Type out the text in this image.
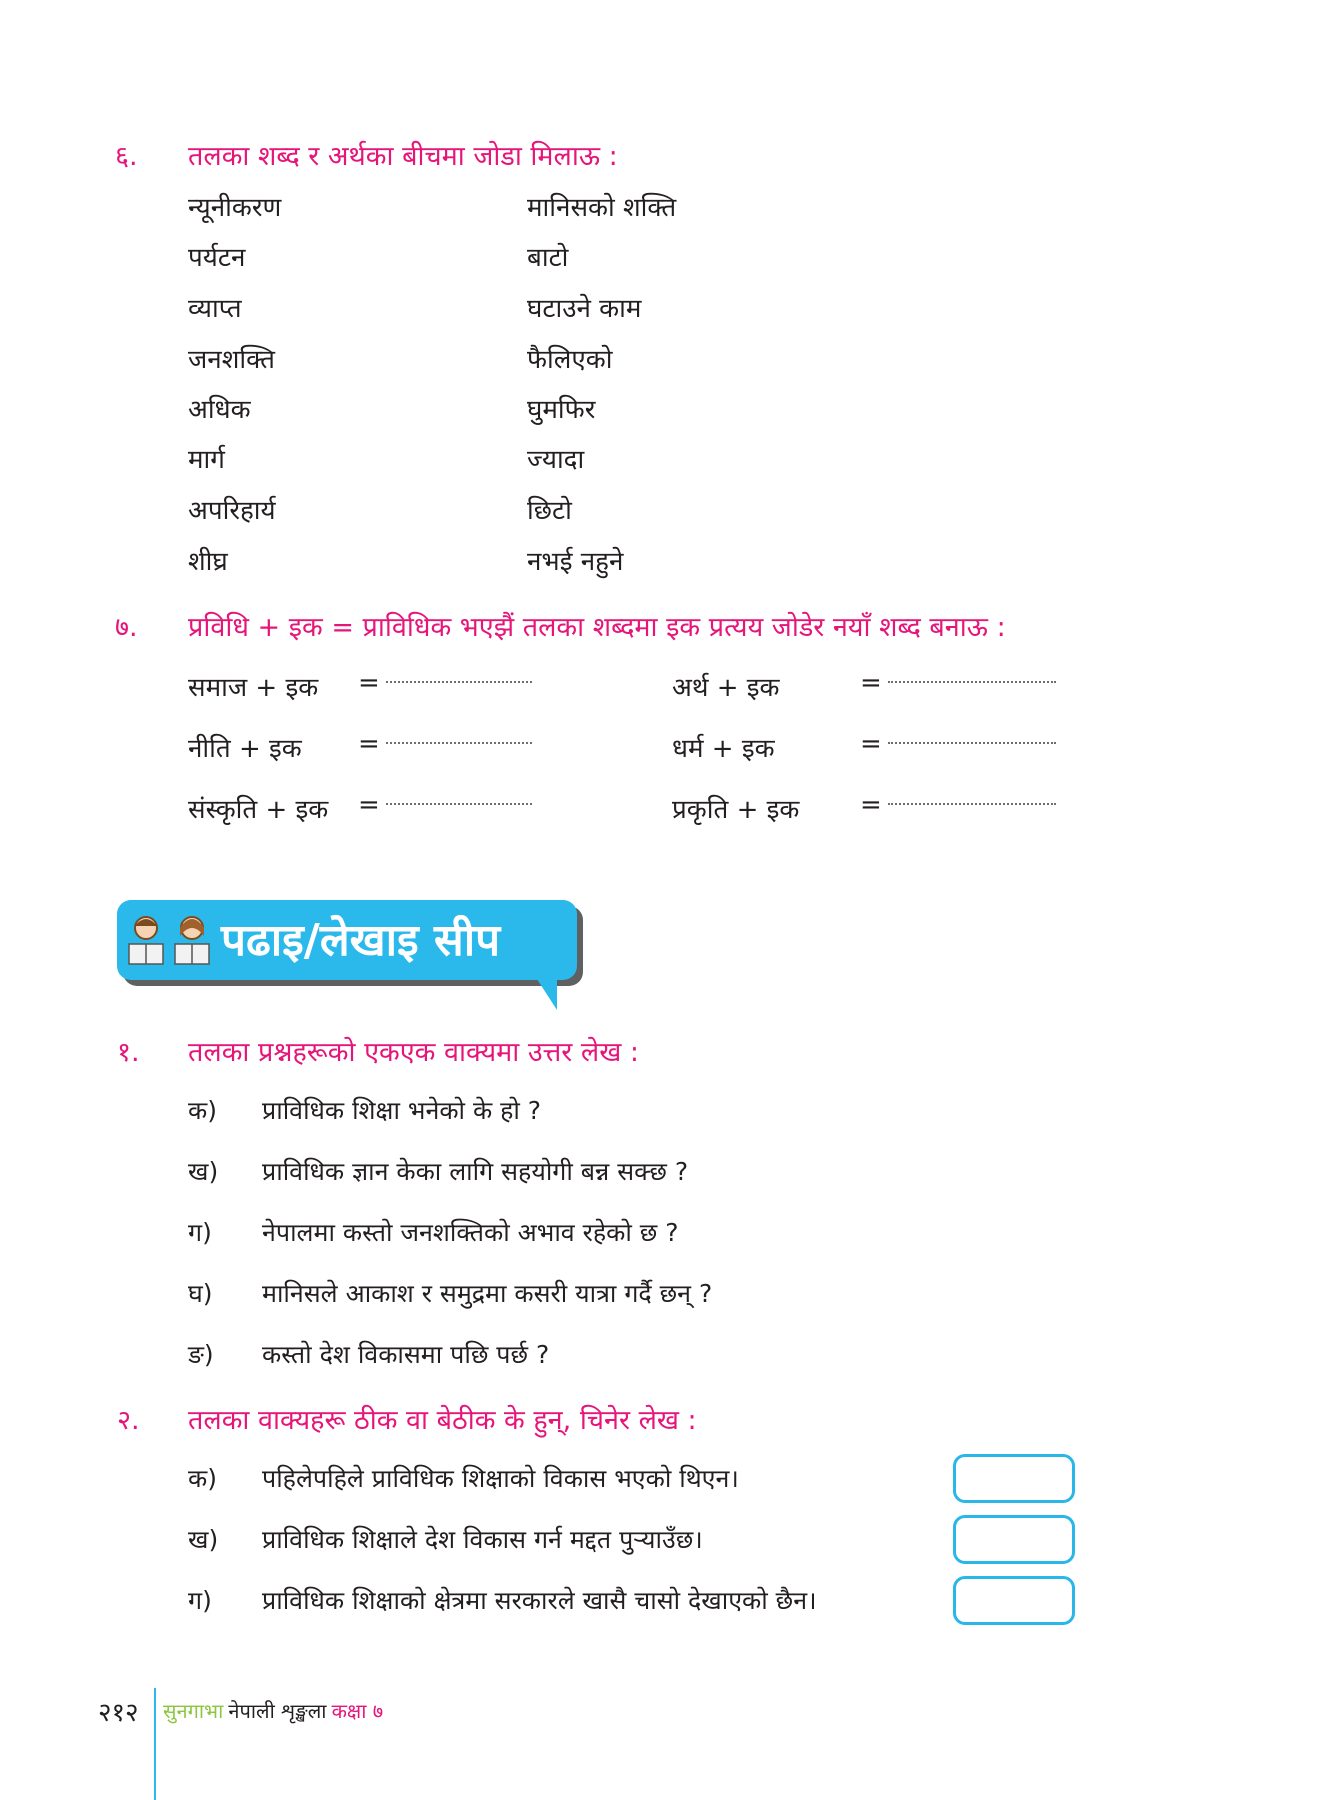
६. तलका शब्द र अर्थका बीचमा जोडा मिलाऊ :
न्यूनीकरण
पर्यटन
व्याप्त
जनशक्ति
अधिक
मार्ग
अपरिहार्य
शीघ्र
मानिसको शक्ति
बाटो
घटाउने काम
फैलिएको
घुमफिर
ज्यादा
छिटो
नभई नहुने
७. प्रविधि + इक = प्राविधिक भएझैं तलका शब्दमा इक प्रत्यय जोडेर नयाँ शब्द बनाऊ :
समाज + इक =
नीति + इक =
संस्कृति + इक =
अर्थ + इक	=
धर्म + इक	=
प्रकृति + इक =
पढाइ/लेखाइ सीप
१. तलका प्रश्नहरूको एकएक वाक्यमा उत्तर लेख :
क) प्राविधिक शिक्षा भनेको के हो ?
ख) प्राविधिक ज्ञान केका लागि सहयोगी बन्न सक्छ ?
ग) नेपालमा कस्तो जनशक्तिको अभाव रहेको छ ?
घ) मानिसले आकाश र समुद्रमा कसरी यात्रा गर्दै छन् ?
ङ) कस्तो देश विकासमा पछि पर्छ ?
२. तलका वाक्यहरू ठीक वा बेठीक के हुन्, चिनेर लेख :
क) पहिलेपहिले प्राविधिक शिक्षाको विकास भएको थिएन।
ख) प्राविधिक शिक्षाले देश विकास गर्न मद्दत पुऱ्याउँछ।
ग) प्राविधिक शिक्षाको क्षेत्रमा सरकारले खासै चासो देखाएको छैन।
२१२ सुनगाभा नेपाली शृङ्खला कक्षा ७
